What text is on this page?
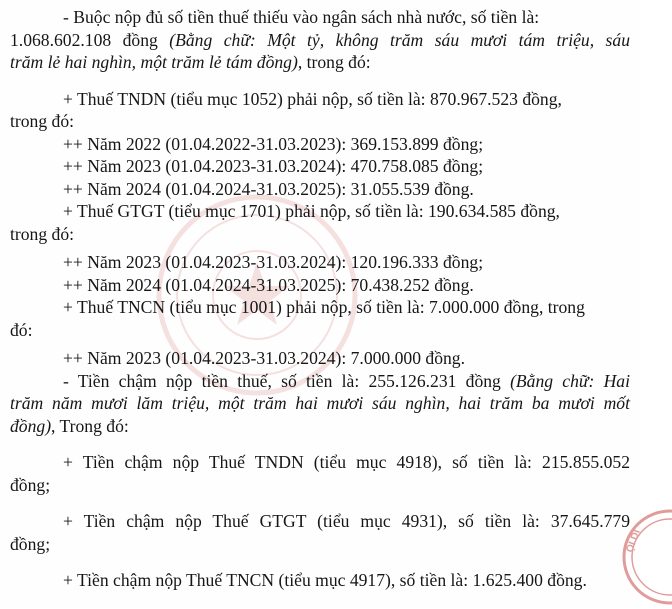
ỘI DI
- Buộc nộp đủ số tiền thuế thiếu vào ngân sách nhà nước, số tiền là:
1.068.602.108 đồng (Bằng chữ: Một tỷ, không trăm sáu mươi tám triệu, sáu
trăm lẻ hai nghìn, một trăm lẻ tám đồng), trong đó:
+ Thuế TNDN (tiểu mục 1052) phải nộp, số tiền là: 870.967.523 đồng,
trong đó:
++ Năm 2022 (01.04.2022-31.03.2023): 369.153.899 đồng;
++ Năm 2023 (01.04.2023-31.03.2024): 470.758.085 đồng;
++ Năm 2024 (01.04.2024-31.03.2025): 31.055.539 đồng.
+ Thuế GTGT (tiểu mục 1701) phải nộp, số tiền là: 190.634.585 đồng,
trong đó:
++ Năm 2023 (01.04.2023-31.03.2024): 120.196.333 đồng;
++ Năm 2024 (01.04.2024-31.03.2025): 70.438.252 đồng.
+ Thuế TNCN (tiểu mục 1001) phải nộp, số tiền là: 7.000.000 đồng, trong
đó:
++ Năm 2023 (01.04.2023-31.03.2024): 7.000.000 đồng.
- Tiền chậm nộp tiền thuế, số tiền là: 255.126.231 đồng (Bằng chữ: Hai
trăm năm mươi lăm triệu, một trăm hai mươi sáu nghìn, hai trăm ba mươi mốt
đồng), Trong đó:
+ Tiền chậm nộp Thuế TNDN (tiểu mục 4918), số tiền là: 215.855.052
đồng;
+ Tiền chậm nộp Thuế GTGT (tiểu mục 4931), số tiền là: 37.645.779
đồng;
+ Tiền chậm nộp Thuế TNCN (tiểu mục 4917), số tiền là: 1.625.400 đồng.
